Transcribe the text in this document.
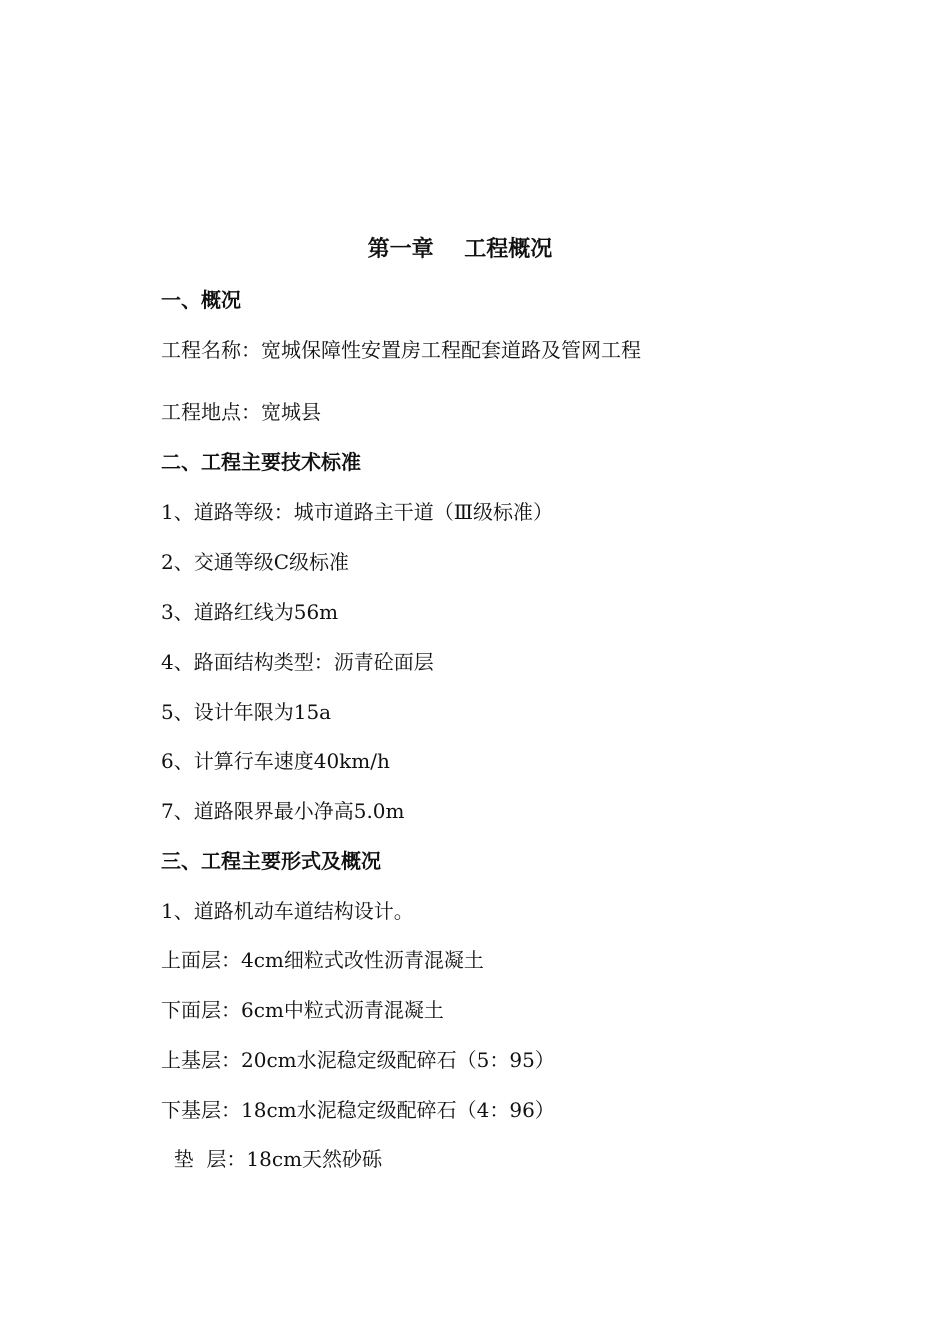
第一章    工程概况
一、概况
工程名称：宽城保障性安置房工程配套道路及管网工程
工程地点：宽城县
二、工程主要技术标准
1、道路等级：城市道路主干道（Ⅲ级标准）
2、交通等级C级标准
3、道路红线为56m
4、路面结构类型：沥青砼面层
5、设计年限为15a
6、计算行车速度40km/h
7、道路限界最小净高5.0m
三、工程主要形式及概况
1、道路机动车道结构设计。
上面层：4cm细粒式改性沥青混凝土
下面层：6cm中粒式沥青混凝土
上基层：20cm水泥稳定级配碎石（5：95）
下基层：18cm水泥稳定级配碎石（4：96）
垫  层：18cm天然砂砾
